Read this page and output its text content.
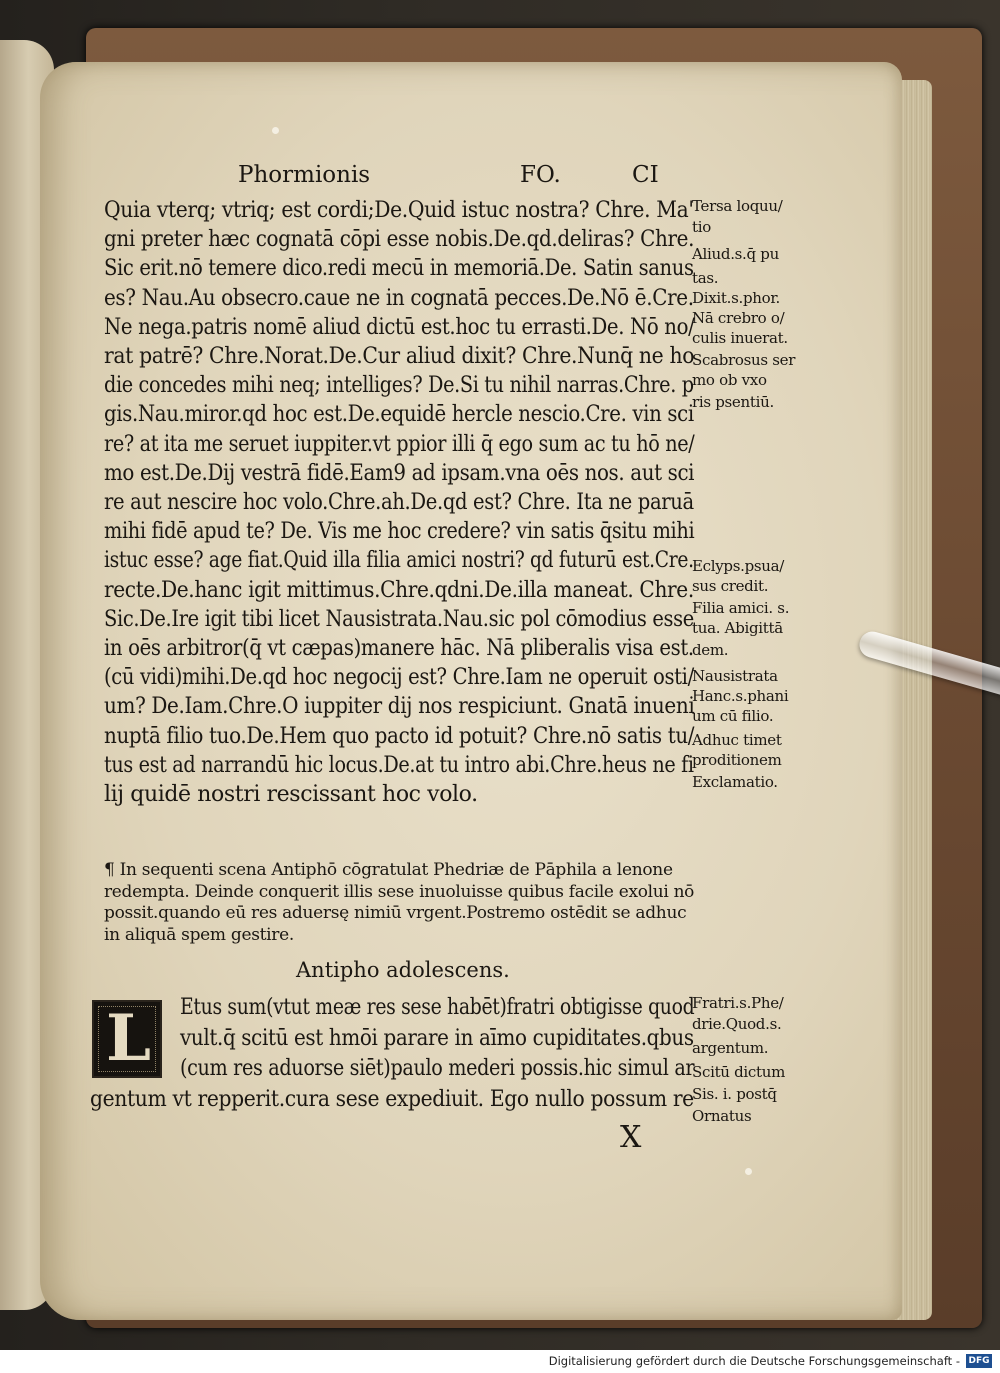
Phormionis	FO.	CI
Quia vterq; vtriq; est cordi;De.Quid istuc nostra? Chre. Ma'
gni preter hæc cognatā cōpi esse nobis.De.qd.deliras? Chre.
Sic erit.nō temere dico.redi mecū in memoriā.De. Satin sanus
es? Nau.Au obsecro.caue ne in cognatā pecces.De.Nō ē.Cre.
Ne nega.patris nomē aliud dictū est.hoc tu errasti.De. Nō no/
rat patrē? Chre.Norat.De.Cur aliud dixit? Chre.Nunq̄ ne ho
die concedes mihi neq; intelliges? De.Si tu nihil narras.Chre. p
gis.Nau.miror.qd hoc est.De.equidē hercle nescio.Cre. vin sci
re? at ita me seruet iuppiter.vt ppior illi q̄ ego sum ac tu hō ne/
mo est.De.Dij vestrā fidē.Eam9 ad ipsam.vna oēs nos. aut sci
re aut nescire hoc volo.Chre.ah.De.qd est? Chre. Ita ne paruā
mihi fidē apud te? De. Vis me hoc credere? vin satis q̄situ mihi
istuc esse? age fiat.Quid illa filia amici nostri? qd futurū est.Cre.
recte.De.hanc igit mittimus.Chre.qdni.De.illa maneat. Chre.
Sic.De.Ire igit tibi licet Nausistrata.Nau.sic pol cōmodius esse
in oēs arbitror(q̄ vt cæpas)manere hāc. Nā pliberalis visa est.
(cū vidi)mihi.De.qd hoc negocij est? Chre.Iam ne operuit osti/
um? De.Iam.Chre.O iuppiter dij nos respiciunt. Gnatā inueni
nuptā filio tuo.De.Hem quo pacto id potuit? Chre.nō satis tu/
tus est ad narrandū hic locus.De.at tu intro abi.Chre.heus ne fi
lij quidē nostri rescissant hoc volo.
¶ In sequenti scena Antiphō cōgratulat Phedriæ de Pāphila a lenone
redempta. Deinde conquerit illis sese inuoluisse quibus facile exolui nō
possit.quando eū res aduersę nimiū vrgent.Postremo ostēdit se adhuc
in aliquā spem gestire.
Antipho adolescens.
L Etus sum(vtut meæ res sese habēt)fratri obtigisse quod
vult.q̄ scitū est hmōi parare in aīmo cupiditates.qbus
(cum res aduorse siēt)paulo mederi possis.hic simul ar
gentum vt repperit.cura sese expediuit. Ego nullo possum re
X
Tersa loquu/
tio
Aliud.s.q̄ pu
tas.
Dixit.s.phor.
Nā crebro o/
culis inuerat.
Scabrosus ser
mo ob vxo
ris psentiū.
Eclyps.psua/
sus credit.
Filia amici. s.
tua. Abigittā
dem.
Nausistrata
Hanc.s.phani
um cū filio.
Adhuc timet
proditionem
Exclamatio.
Fratri.s.Phe/
drie.Quod.s.
argentum.
Scitū dictum
Sis. i. postq̄
Ornatus
Digitalisierung gefördert durch die Deutsche Forschungsgemeinschaft - DFG
